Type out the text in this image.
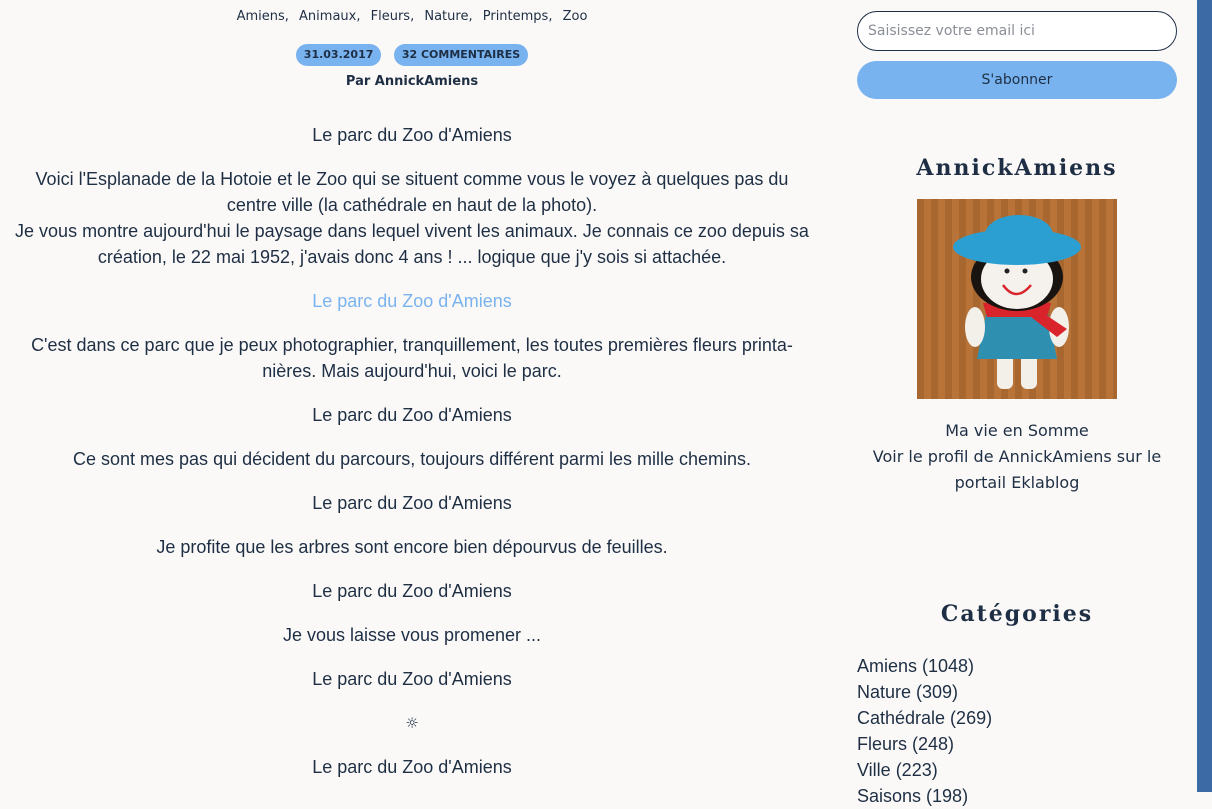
Amiens, Animaux, Fleurs, Nature, Printemps, Zoo
31.03.2017	32 COMMENTAIRES
Par AnnickAmiens

Le parc du Zoo d'Amiens

Voici l'Esplanade de la Hotoie et le Zoo qui se situent comme vous le voyez à quelques pas du centre ville (la cathédrale en haut de la photo).
Je vous montre aujourd'hui le paysage dans lequel vivent les animaux. Je connais ce zoo depuis sa création, le 22 mai 1952, j'avais donc 4 ans ! ... logique que j'y sois si attachée.

Le parc du Zoo d'Amiens

C'est dans ce parc que je peux photographier, tranquillement, les toutes premières fleurs printanières. Mais aujourd'hui, voici le parc.

Le parc du Zoo d'Amiens

Ce sont mes pas qui décident du parcours, toujours différent parmi les mille chemins.

Le parc du Zoo d'Amiens

Je profite que les arbres sont encore bien dépourvus de feuilles.

Le parc du Zoo d'Amiens

Je vous laisse vous promener ...

Le parc du Zoo d'Amiens

☼

Le parc du Zoo d'Amiens

Saisissez votre email ici
S'abonner
AnnickAmiens
Ma vie en Somme
Voir le profil de AnnickAmiens sur le portail Eklablog
Catégories
Amiens (1048)
Nature (309)
Cathédrale (269)
Fleurs (248)
Ville (223)
Saisons (198)
